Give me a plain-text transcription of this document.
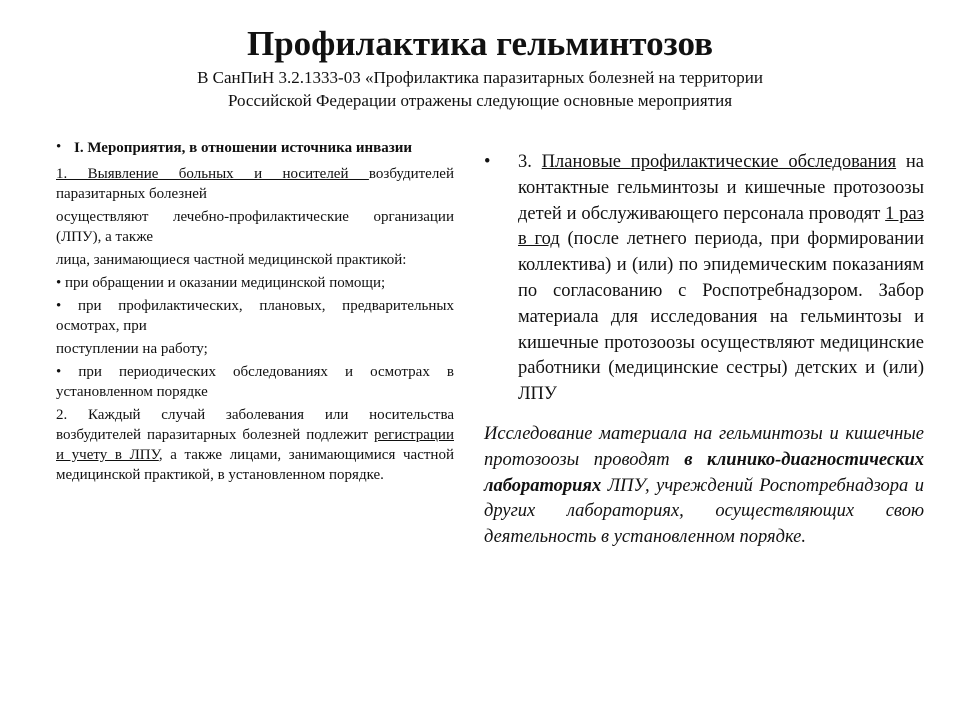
Профилактика гельминтозов
В СанПиН 3.2.1333-03 «Профилактика паразитарных болезней на территории Российской Федерации отражены следующие основные мероприятия
• I. Мероприятия, в отношении источника инвазии

1. Выявление больных и носителей возбудителей паразитарных болезней

осуществляют лечебно-профилактические организации (ЛПУ), а также

лица, занимающиеся частной медицинской практикой:

• при обращении и оказании медицинской помощи;

• при профилактических, плановых, предварительных осмотрах, при

поступлении на работу;

• при периодических обследованиях и осмотрах в установленном порядке

2. Каждый случай заболевания или носительства возбудителей паразитарных болезней подлежит регистрации и учету в ЛПУ, а также лицами, занимающимися частной медицинской практикой, в установленном порядке.

• 3. Плановые профилактические обследования на контактные гельминтозы и кишечные протозоозы детей и обслуживающего персонала проводят 1 раз в год (после летнего периода, при формировании коллектива) и (или) по эпидемическим показаниям по согласованию с Роспотребнадзором. Забор материала для исследования на гельминтозы и кишечные протозоозы осуществляют медицинские работники (медицинские сестры) детских и (или) ЛПУ
Исследование материала на гельминтозы и кишечные протозоозы проводят в клинико-диагностических лабораториях ЛПУ, учреждений Роспотребнадзора и других лабораториях, осуществляющих свою деятельность в установленном порядке.
